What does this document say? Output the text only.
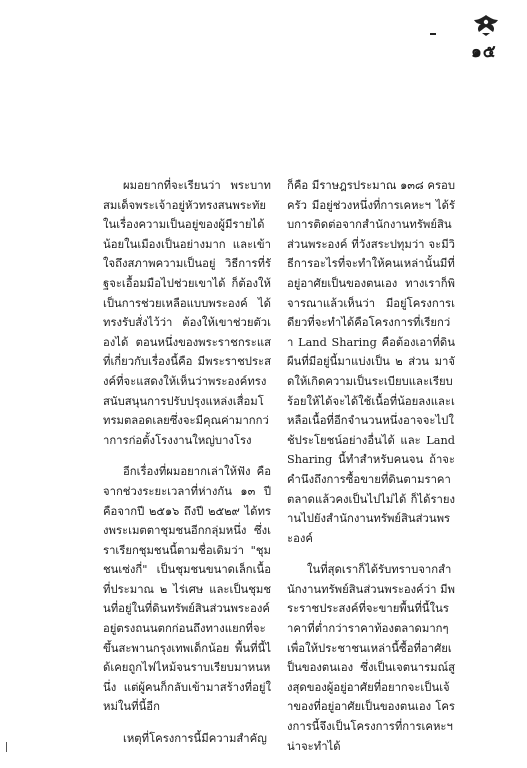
๑๕

ผมอยากที่จะเรียนว่า พระบาทสมเด็จพระเจ้าอยู่หัวทรงสนพระทัยในเรื่องความเป็นอยู่ของผู้มีรายได้น้อยในเมืองเป็นอย่างมาก และเข้าใจถึงสภาพความเป็นอยู่ วิธีการที่รัฐจะเอื้อมมือไปช่วยเขาได้ ก็ต้องให้เป็นการช่วยเหลือแบบพระองค์ ได้ทรงรับสั่งไว้ว่า ต้องให้เขาช่วยตัวเองได้ ตอนหนึ่งของพระราชกระแสที่เกี่ยวกับเรื่องนี้คือ มีพระราชประสงค์ที่จะแสดงให้เห็นว่าพระองค์ทรงสนับสนุนการปรับปรุงแหล่งเสื่อมโทรมตลอดเลยซึ่งจะมีคุณค่ามากกว่าการก่อตั้งโรงงานใหญ่บางโรง

อีกเรื่องที่ผมอยากเล่าให้ฟัง คือจากช่วงระยะเวลาที่ห่างกัน ๑๓ ปี คือจากปี ๒๕๑๖ ถึงปี ๒๕๒๙ ได้ทรงพระเมตตาชุมชนอีกกลุ่มหนึ่ง ซึ่งเราเรียกชุมชนนี้ตามชื่อเดิมว่า "ชุมชนเซ่งกี่" เป็นชุมชนขนาดเล็กเนื้อที่ประมาณ ๒ ไร่เศษ และเป็นชุมชนที่อยู่ในที่ดินทรัพย์สินส่วนพระองค์ อยู่ตรงถนนตกก่อนถึงทางแยกที่จะขึ้นสะพานกรุงเทพเด็กน้อย พื้นที่นี้ได้เคยถูกไฟไหม้จนราบเรียบมาหนหนึ่ง แต่ผู้คนก็กลับเข้ามาสร้างที่อยู่ใหม่ในที่นี้อีก

เหตุที่โครงการนี้มีความสำคัญ

ก็คือ มีราษฎรประมาณ ๑๓๘ ครอบครัว มีอยู่ช่วงหนึ่งที่การเคหะฯ ได้รับการติดต่อจากสำนักงานทรัพย์สินส่วนพระองค์ ที่วังสระปทุมว่า จะมีวิธีการอะไรที่จะทำให้คนเหล่านั้นมีที่อยู่อาศัยเป็นของตนเอง ทางเราก็พิจารณาแล้วเห็นว่า มีอยู่โครงการเดียวที่จะทำได้คือโครงการที่เรียกว่า Land Sharing คือต้องเอาที่ดินผืนที่มีอยู่นี้มาแบ่งเป็น ๒ ส่วน มาจัดให้เกิดความเป็นระเบียบและเรียบร้อยให้ได้จะได้ใช้เนื้อที่น้อยลงและเหลือเนื้อที่อีกจำนวนหนึ่งอาจจะไปใช้ประโยชน์อย่างอื่นได้ และ Land Sharing นี้ทำสำหรับคนจน ถ้าจะคำนึงถึงการซื้อขายที่ดินตามราคาตลาดแล้วคงเป็นไปไม่ได้ ก็ได้รายงานไปยังสำนักงานทรัพย์สินส่วนพระองค์

ในที่สุดเราก็ได้รับทราบจากสำนักงานทรัพย์สินส่วนพระองค์ว่า มีพระราชประสงค์ที่จะขายพื้นที่นี้ในราคาที่ต่ำกว่าราคาท้องตลาดมากๆ เพื่อให้ประชาชนเหล่านี้ซื้อที่อาศัยเป็นของตนเอง ซึ่งเป็นเจตนารมณ์สูงสุดของผู้อยู่อาศัยที่อยากจะเป็นเจ้าของที่อยู่อาศัยเป็นของตนเอง โครงการนี้จึงเป็นโครงการที่การเคหะฯ น่าจะทำได้
